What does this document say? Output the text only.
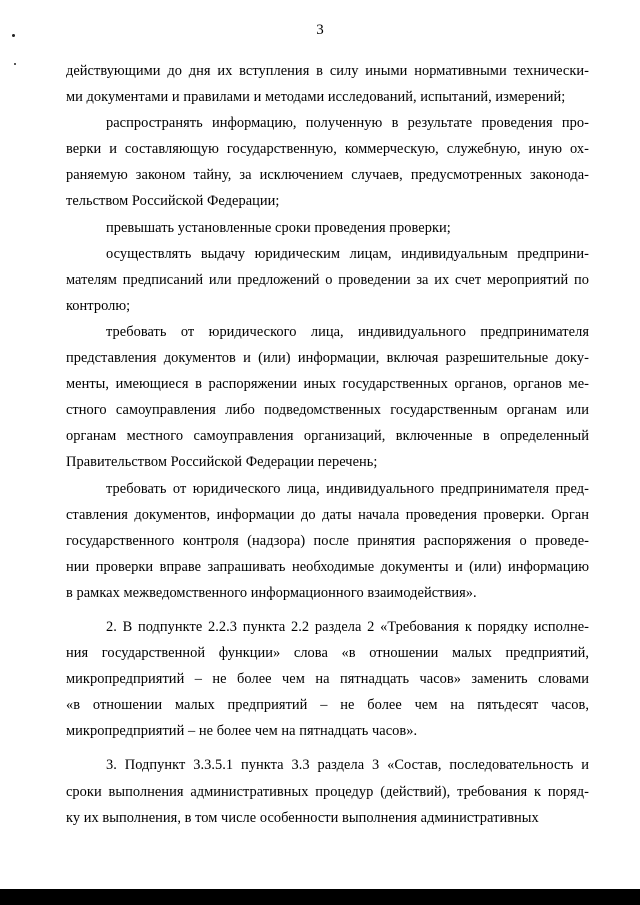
3
действующими до дня их вступления в силу иными нормативными технически-
ми документами и правилами и методами исследований, испытаний, измерений;
распространять информацию, полученную в результате проведения про-
верки и составляющую государственную, коммерческую, служебную, иную ох-
раняемую законом тайну, за исключением случаев, предусмотренных законода-
тельством Российской Федерации;
превышать установленные сроки проведения проверки;
осуществлять выдачу юридическим лицам, индивидуальным предприни-
мателям предписаний или предложений о проведении за их счет мероприятий по
контролю;
требовать от юридического лица, индивидуального предпринимателя
представления документов и (или) информации, включая разрешительные доку-
менты, имеющиеся в распоряжении иных государственных органов, органов ме-
стного самоуправления либо подведомственных государственным органам или
органам местного самоуправления организаций, включенные в определенный
Правительством Российской Федерации перечень;
требовать от юридического лица, индивидуального предпринимателя пред-
ставления документов, информации до даты начала проведения проверки. Орган
государственного контроля (надзора) после принятия распоряжения о проведе-
нии проверки вправе запрашивать необходимые документы и (или) информацию
в рамках межведомственного информационного взаимодействия».
2. В подпункте 2.2.3 пункта 2.2 раздела 2 «Требования к порядку исполне-
ния государственной функции» слова «в отношении малых предприятий,
микропредприятий – не более чем на пятнадцать часов» заменить словами
«в отношении малых предприятий – не более чем на пятьдесят часов,
микропредприятий – не более чем на пятнадцать часов».
3. Подпункт 3.3.5.1 пункта 3.3 раздела 3 «Состав, последовательность и
сроки выполнения административных процедур (действий), требования к поряд-
ку их выполнения, в том числе особенности выполнения административных
